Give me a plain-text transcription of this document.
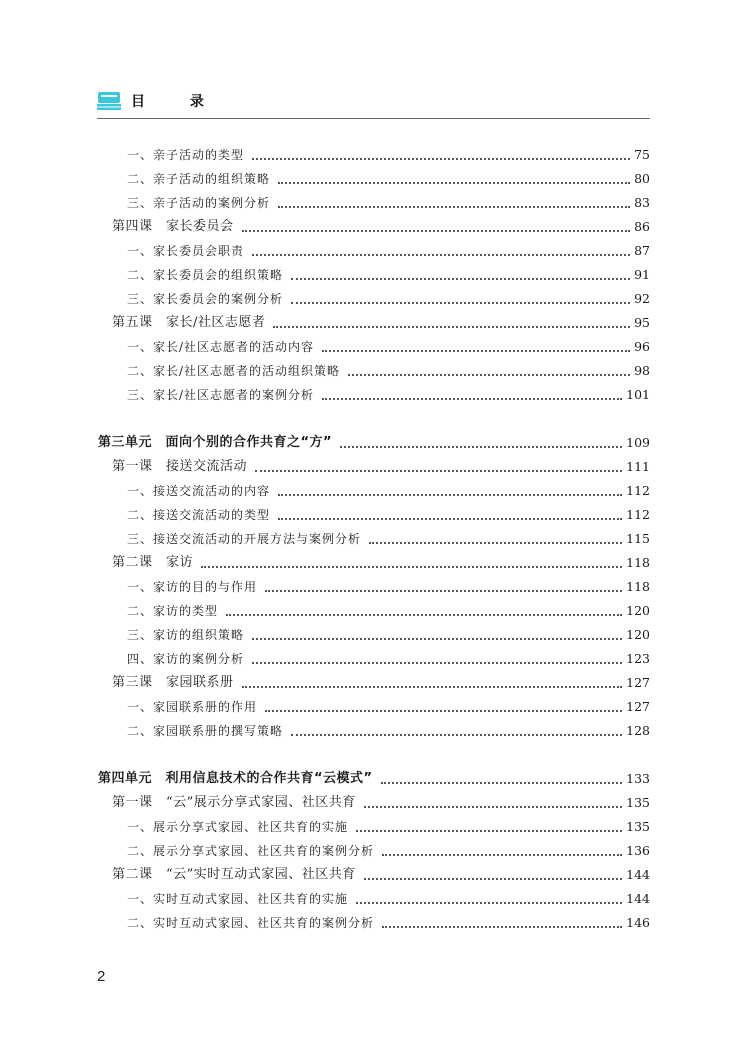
目 录
一、亲子活动的类型	75
二、亲子活动的组织策略	80
三、亲子活动的案例分析	83
第四课　家长委员会	86
一、家长委员会职责	87
二、家长委员会的组织策略	91
三、家长委员会的案例分析	92
第五课　家长/社区志愿者	95
一、家长/社区志愿者的活动内容	96
二、家长/社区志愿者的活动组织策略	98
三、家长/社区志愿者的案例分析	101
第三单元　面向个别的合作共育之“方”	109
第一课　接送交流活动	111
一、接送交流活动的内容	112
二、接送交流活动的类型	112
三、接送交流活动的开展方法与案例分析	115
第二课　家访	118
一、家访的目的与作用	118
二、家访的类型	120
三、家访的组织策略	120
四、家访的案例分析	123
第三课　家园联系册	127
一、家园联系册的作用	127
二、家园联系册的撰写策略	128
第四单元　利用信息技术的合作共育“云模式”	133
第一课　“云”展示分享式家园、社区共育	135
一、展示分享式家园、社区共育的实施	135
二、展示分享式家园、社区共育的案例分析	136
第二课　“云”实时互动式家园、社区共育	144
一、实时互动式家园、社区共育的实施	144
二、实时互动式家园、社区共育的案例分析	146
2
